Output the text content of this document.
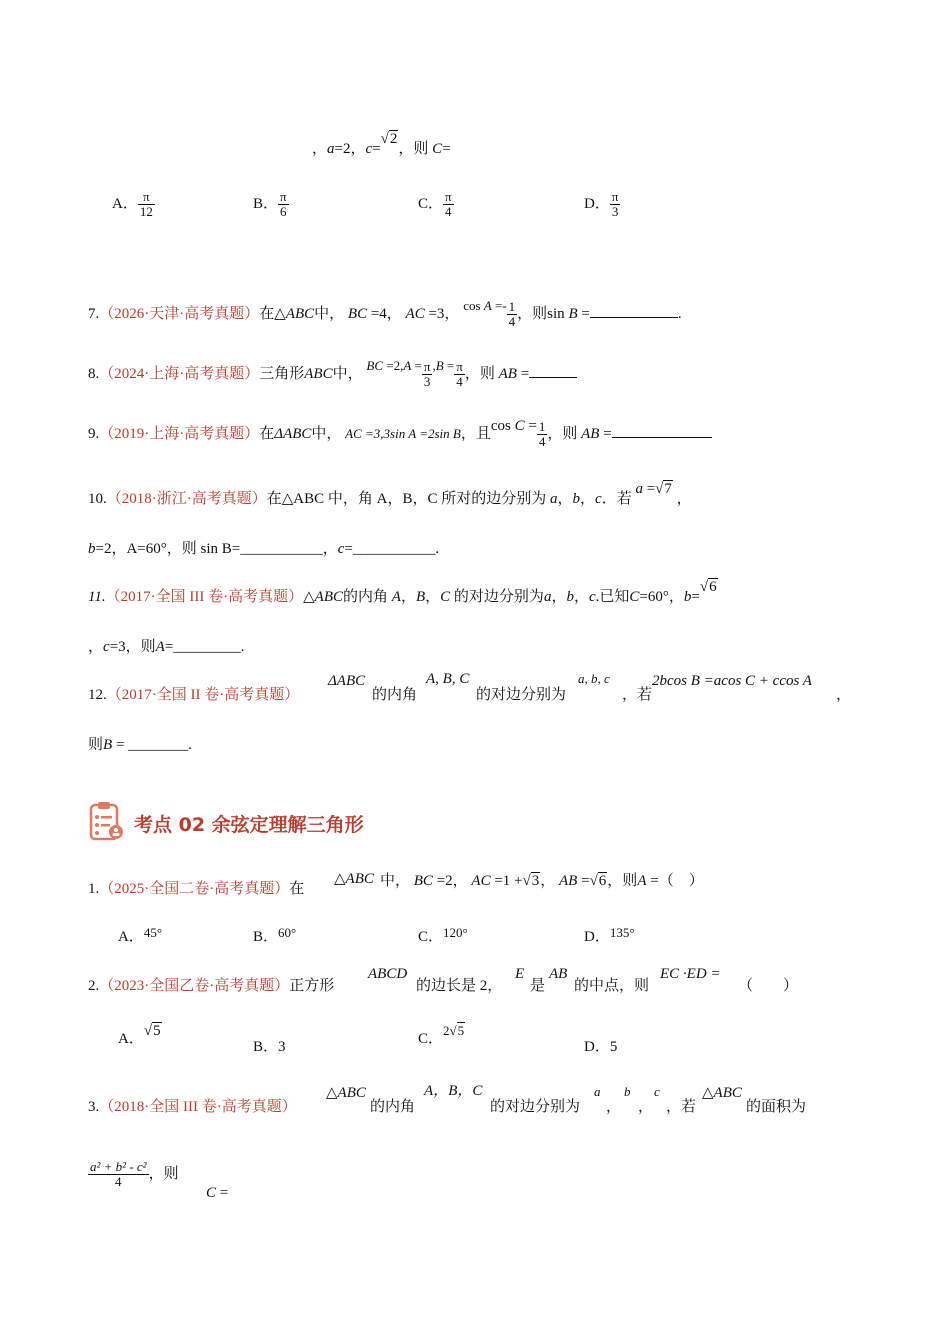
，a=2，c=√2，则 C=
A． $\frac{\pi}{12}$	B． $\frac{\pi}{6}$	C． $\frac{\pi}{4}$	D． $\frac{\pi}{3}$
7.（2026·天津·高考真题）在△ABC中， BC =4， AC =3， $\cos A =- \frac{1}{4}$ ，则sin B =	.
8.（2024·上海·高考真题）三角形ABC中， BC $=2,A = \frac{\pi}{3} ,B = \frac{\pi}{4}$ ，则 AB =
9.（2019·上海·高考真题）在ΔABC中， AC =3,3sin A =2sin B，且$\cos C = \frac{1}{4}$ ，则 AB =
10.（2018·浙江·高考真题）在△ABC 中，角 A，B，C 所对的边分别为 a，b，c．若 a =√7 ，
b=2，A=60°，则 sin B=___________，c=___________.
11.（2017·全国 III 卷·高考真题）△ABC的内角 A，B，C 的对边分别为a，b，c.已知C=60°，b=√6
，c=3，则A=_________.
12.（2017·全国 II 卷·高考真题）
ΔABC
的内角
A, B, C
的对边分别为
a, b, c
，若
2bcos B =acos C + ccos A
，
则B = ________.
考点 02 余弦定理解三角形
1.（2025·全国二卷·高考真题）在
△ABC 中， BC =2， AC =1 +√3， AB =√6，则A =（　）
A．45°	B．60°	C．120°	D．135°
2.（2023·全国乙卷·高考真题）正方形
ABCD
的边长是 2，
E
是
AB
的中点，则
EC ·ED =
（　　）
A．√5
B．3	C．2√5
D．5
3.（2018·全国 III 卷·高考真题）
△ABC
的内角
A，B，C
的对边分别为
a
，
b
，
c
，若
△ABC
的面积为
$\frac{\text{a² + b² - c²}}{4}$ ，则
C =
